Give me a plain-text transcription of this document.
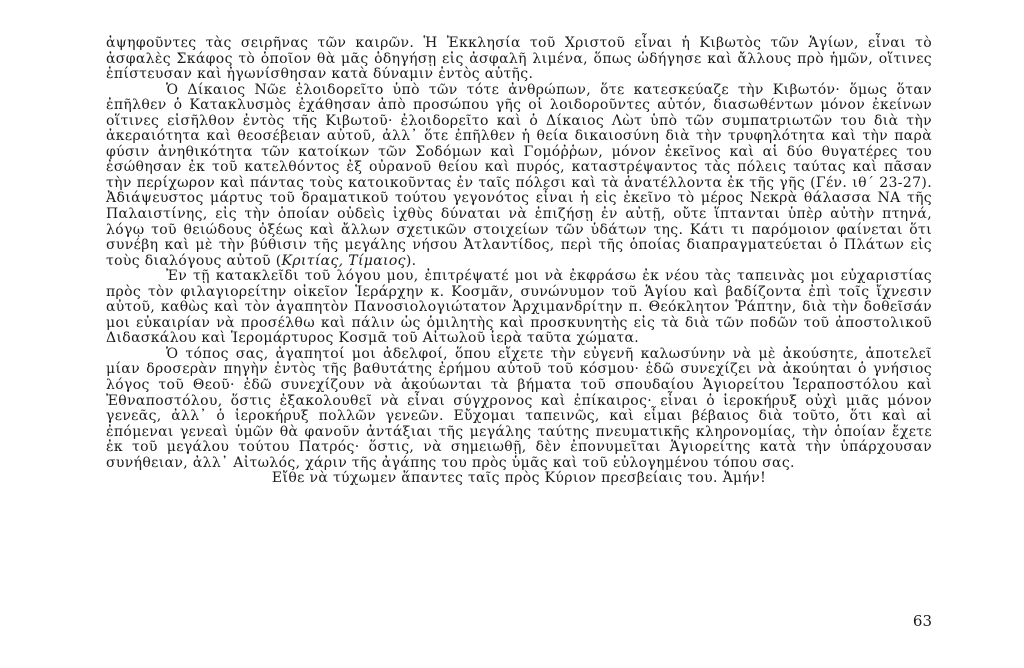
ἀψηφοῦντες τὰς σειρῆνας τῶν καιρῶν. Ἡ Ἐκκλησία τοῦ Χριστοῦ εἶναι ἡ Κιβωτὸς τῶν Ἁγίων, εἶναι τὸ ἀσφαλὲς Σκάφος τὸ ὁποῖον θὰ μᾶς ὁδηγήσῃ εἰς ἀσφαλῆ λιμένα, ὅπως ὡδήγησε καὶ ἄλλους πρὸ ἡμῶν, οἵτινες ἐπίστευσαν καὶ ἠγωνίσθησαν κατὰ δύναμιν ἐντὸς αὐτῆς.

Ὁ Δίκαιος Νῶε ἐλοιδορεῖτο ὑπὸ τῶν τότε ἀνθρώπων, ὅτε κατεσκεύαζε τὴν Κιβωτόν· ὅμως ὅταν ἐπῆλθεν ὁ Κατακλυσμὸς ἐχάθησαν ἀπὸ προσώπου γῆς οἱ λοιδοροῦντες αὐτόν, διασωθέντων μόνον ἐκείνων οἵτινες εἰσῆλθον ἐντὸς τῆς Κιβωτοῦ· ἐλοιδορεῖτο καὶ ὁ Δίκαιος Λὼτ ὑπὸ τῶν συμπατριωτῶν του διὰ τὴν ἀκεραιότητα καὶ θεοσέβειαν αὐτοῦ, ἀλλ᾽ ὅτε ἐπῆλθεν ἡ θεία δικαιοσύνη διὰ τὴν τρυφηλότητα καὶ τὴν παρὰ φύσιν ἀνηθικότητα τῶν κατοίκων τῶν Σοδόμων καὶ Γομόῤῥων, μόνον ἐκεῖνος καὶ αἱ δύο θυγατέρες του ἐσώθησαν ἐκ τοῦ κατελθόντος ἐξ οὐρανοῦ θείου καὶ πυρός, καταστρέψαντος τὰς πόλεις ταύτας καὶ πᾶσαν τὴν περίχωρον καὶ πάντας τοὺς κατοικοῦντας ἐν ταῖς πόλεσι καὶ τὰ ἀνατέλλοντα ἐκ τῆς γῆς (Γέν. ιθ´ 23-27). Ἀδιάψευστος μάρτυς τοῦ δραματικοῦ τούτου γεγονότος εἶναι ἡ εἰς ἐκεῖνο τὸ μέρος Νεκρὰ θάλασσα ΝΑ τῆς Παλαιστίνης, εἰς τὴν ὁποίαν οὐδεὶς ἰχθὺς δύναται νὰ ἐπιζήσῃ ἐν αὐτῇ, οὔτε ἵπτανται ὑπὲρ αὐτὴν πτηνά, λόγῳ τοῦ θειώδους ὀξέως καὶ ἄλλων σχετικῶν στοιχείων τῶν ὑδάτων της. Κάτι τι παρόμοιον φαίνεται ὅτι συνέβη καὶ μὲ τὴν βύθισιν τῆς μεγάλης νήσου Ἀτλαντίδος, περὶ τῆς ὁποίας διαπραγματεύεται ὁ Πλάτων εἰς τοὺς διαλόγους αὐτοῦ (Κριτίας, Τίμαιος).

Ἐν τῇ κατακλεῖδι τοῦ λόγου μου, ἐπιτρέψατέ μοι νὰ ἐκφράσω ἐκ νέου τὰς ταπεινὰς μοι εὐχαριστίας πρὸς τὸν φιλαγιορείτην οἰκεῖον Ἱεράρχην κ. Κοσμᾶν, συνώνυμον τοῦ Ἁγίου καὶ βαδίζοντα ἐπὶ τοῖς ἴχνεσιν αὐτοῦ, καθὼς καὶ τὸν ἀγαπητὸν Πανοσιολογιώτατον Ἀρχιμανδρίτην π. Θεόκλητον Ῥάπτην, διὰ τὴν δοθεῖσάν μοι εὐκαιρίαν νὰ προσέλθω καὶ πάλιν ὡς ὁμιλητὴς καὶ προσκυνητὴς εἰς τὰ διὰ τῶν ποδῶν τοῦ ἀποστολικοῦ Διδασκάλου καὶ Ἱερομάρτυρος Κοσμᾶ τοῦ Αἰτωλοῦ ἱερὰ ταῦτα χώματα.

Ὁ τόπος σας, ἀγαπητοί μοι ἀδελφοί, ὅπου εἴχετε τὴν εὐγενῆ καλωσύνην νὰ μὲ ἀκούσητε, ἀποτελεῖ μίαν δροσερὰν πηγὴν ἐντὸς τῆς βαθυτάτης ἐρήμου αὐτοῦ τοῦ κόσμου· ἐδῶ συνεχίζει νὰ ἀκούηται ὁ γνήσιος λόγος τοῦ Θεοῦ· ἐδῶ συνεχίζουν νὰ ἀκούωνται τὰ βήματα τοῦ σπουδαίου Ἁγιορείτου Ἱεραποστόλου καὶ Ἐθναποστόλου, ὅστις ἐξακολουθεῖ νὰ εἶναι σύγχρονος καὶ ἐπίκαιρος· εἶναι ὁ ἱεροκήρυξ οὐχὶ μιᾶς μόνον γενεᾶς, ἀλλ᾽ ὁ ἱεροκήρυξ πολλῶν γενεῶν. Εὔχομαι ταπεινῶς, καὶ εἶμαι βέβαιος διὰ τοῦτο, ὅτι καὶ αἱ ἐπόμεναι γενεαὶ ὑμῶν θὰ φανοῦν ἀντάξιαι τῆς μεγάλης ταύτης πνευματικῆς κληρονομίας, τὴν ὁποίαν ἔχετε ἐκ τοῦ μεγάλου τούτου Πατρός· ὅστις, νὰ σημειωθῇ, δὲν ἐπονυμεῖται Ἁγιορείτης κατὰ τὴν ὑπάρχουσαν συνήθειαν, ἀλλ᾽ Αἰτωλός, χάριν τῆς ἀγάπης του πρὸς ὑμᾶς καὶ τοῦ εὐλογημένου τόπου σας.

Εἴθε νὰ τύχωμεν ἅπαντες ταῖς πρὸς Κύριον πρεσβείαις του. Ἀμήν!

63
